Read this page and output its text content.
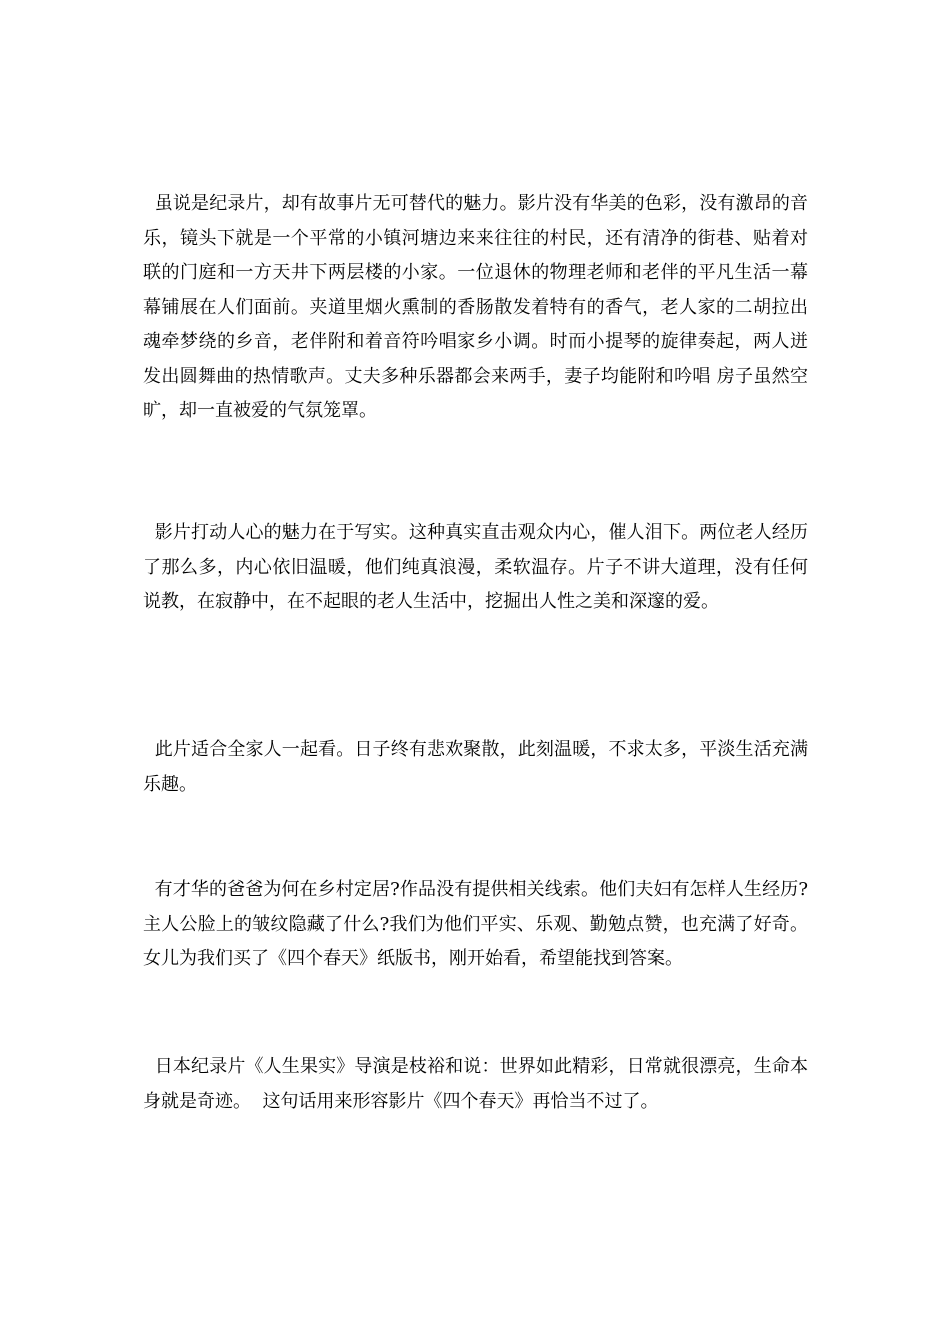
虽说是纪录片，却有故事片无可替代的魅力。影片没有华美的色彩，没有激昂的音乐，镜头下就是一个平常的小镇河塘边来来往往的村民，还有清净的街巷、贴着对联的门庭和一方天井下两层楼的小家。一位退休的物理老师和老伴的平凡生活一幕幕铺展在人们面前。夹道里烟火熏制的香肠散发着特有的香气，老人家的二胡拉出魂牵梦绕的乡音，老伴附和着音符吟唱家乡小调。时而小提琴的旋律奏起，两人迸发出圆舞曲的热情歌声。丈夫多种乐器都会来两手，妻子均能附和吟唱 房子虽然空旷，却一直被爱的气氛笼罩。

影片打动人心的魅力在于写实。这种真实直击观众内心，催人泪下。两位老人经历了那么多，内心依旧温暖，他们纯真浪漫，柔软温存。片子不讲大道理，没有任何说教，在寂静中，在不起眼的老人生活中，挖掘出人性之美和深邃的爱。

此片适合全家人一起看。日子终有悲欢聚散，此刻温暖，不求太多，平淡生活充满乐趣。

有才华的爸爸为何在乡村定居?作品没有提供相关线索。他们夫妇有怎样人生经历?主人公脸上的皱纹隐藏了什么?我们为他们平实、乐观、勤勉点赞，也充满了好奇。女儿为我们买了《四个春天》纸版书，刚开始看，希望能找到答案。

日本纪录片《人生果实》导演是枝裕和说：世界如此精彩，日常就很漂亮，生命本身就是奇迹。  这句话用来形容影片《四个春天》再恰当不过了。
